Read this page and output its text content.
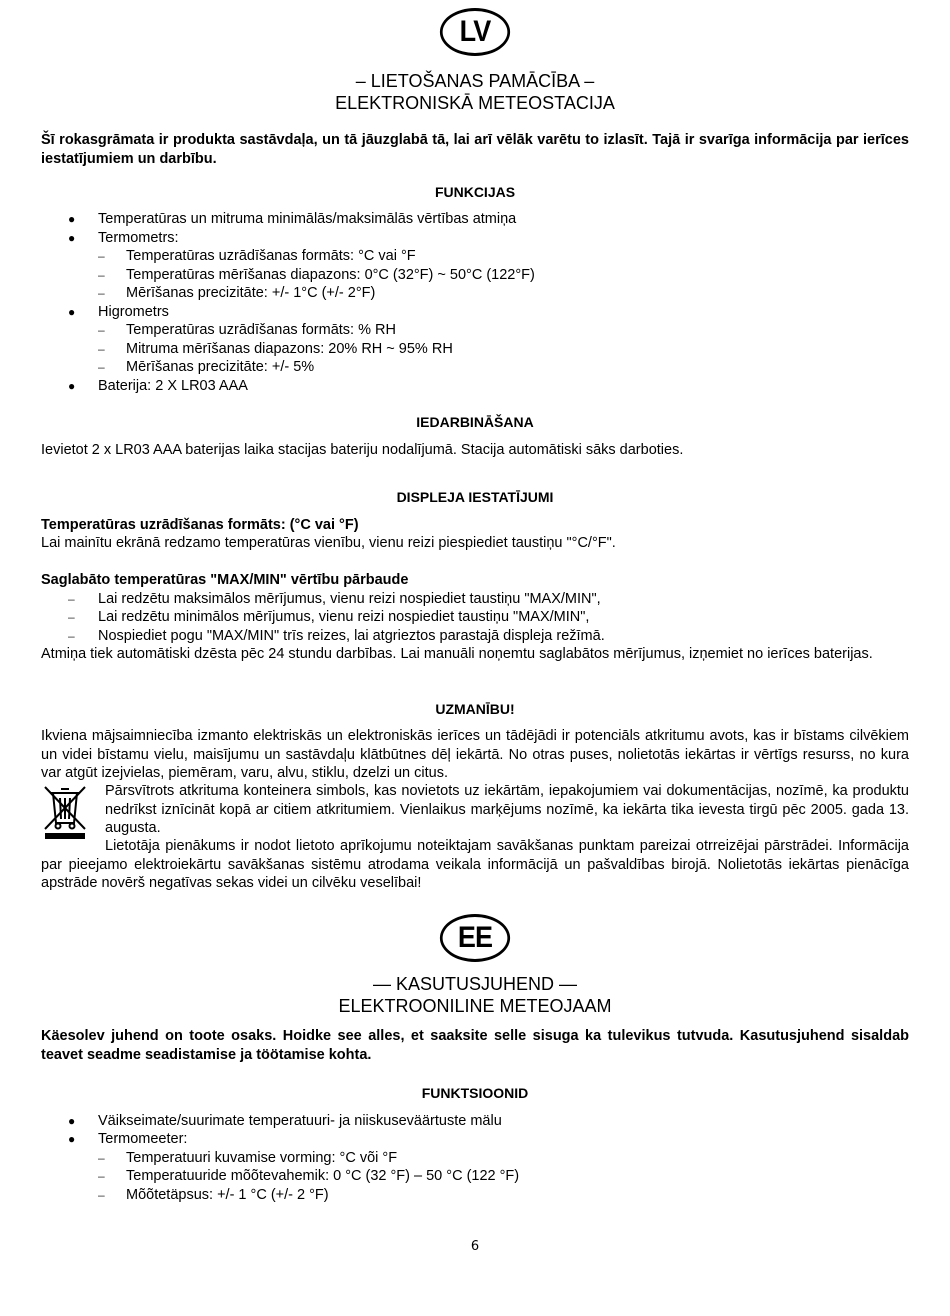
LV
– LIETOŠANAS PAMĀCĪBA –
ELEKTRONISKĀ METEOSTACIJA
Šī rokasgrāmata ir produkta sastāvdaļa, un tā jāuzglabā tā, lai arī vēlāk varētu to izlasīt. Tajā ir svarīga informācija par ierīces iestatījumiem un darbību.
FUNKCIJAS
● Temperatūras un mitruma minimālās/maksimālās vērtības atmiņa
● Termometrs:
– Temperatūras uzrādīšanas formāts: °C vai °F
– Temperatūras mērīšanas diapazons: 0°C (32°F) ~ 50°C (122°F)
– Mērīšanas precizitāte: +/- 1°C (+/- 2°F)
● Higrometrs
– Temperatūras uzrādīšanas formāts: % RH
– Mitruma mērīšanas diapazons: 20% RH ~ 95% RH
– Mērīšanas precizitāte: +/- 5%
● Baterija: 2 X LR03 AAA
IEDARBINĀŠANA
Ievietot 2 x LR03 AAA baterijas laika stacijas bateriju nodalījumā. Stacija automātiski sāks darboties.
DISPLEJA IESTATĪJUMI
Temperatūras uzrādīšanas formāts: (°C vai °F)
Lai mainītu ekrānā redzamo temperatūras vienību, vienu reizi piespiediet taustiņu "°C/°F".
Saglabāto temperatūras "MAX/MIN" vērtību pārbaude
– Lai redzētu maksimālos mērījumus, vienu reizi nospiediet taustiņu "MAX/MIN",
– Lai redzētu minimālos mērījumus, vienu reizi nospiediet taustiņu "MAX/MIN",
– Nospiediet pogu "MAX/MIN" trīs reizes, lai atgrieztos parastajā displeja režīmā.
Atmiņa tiek automātiski dzēsta pēc 24 stundu darbības. Lai manuāli noņemtu saglabātos mērījumus, izņemiet no ierīces baterijas.
UZMANĪBU!
Ikviena mājsaimniecība izmanto elektriskās un elektroniskās ierīces un tādējādi ir potenciāls atkritumu avots, kas ir bīstams cilvēkiem un videi bīstamu vielu, maisījumu un sastāvdaļu klātbūtnes dēļ iekārtā. No otras puses, nolietotās iekārtas ir vērtīgs resurss, no kura var atgūt izejvielas, piemēram, varu, alvu, stiklu, dzelzi un citus.
Pārsvītrots atkrituma konteinera simbols, kas novietots uz iekārtām, iepakojumiem vai dokumentācijas, nozīmē, ka produktu nedrīkst iznīcināt kopā ar citiem atkritumiem. Vienlaikus marķējums nozīmē, ka iekārta tika ievesta tirgū pēc 2005. gada 13. augusta.
Lietotāja pienākums ir nodot lietoto aprīkojumu noteiktajam savākšanas punktam pareizai otrreizējai pārstrādei. Informācija par pieejamo elektroiekārtu savākšanas sistēmu atrodama veikala informācijā un pašvaldības birojā. Nolietotās iekārtas pienācīga apstrāde novērš negatīvas sekas videi un cilvēku veselībai!
— KASUTUSJUHEND —
ELEKTROONILINE METEOJAAM
Käesolev juhend on toote osaks. Hoidke see alles, et saaksite selle sisuga ka tulevikus tutvuda. Kasutusjuhend sisaldab teavet seadme seadistamise ja töötamise kohta.
FUNKTSIOONID
● Väikseimate/suurimate temperatuuri- ja niiskuseväärtuste mälu
● Termomeeter:
– Temperatuuri kuvamise vorming: °C või °F
– Temperatuuride mõõtevahemik: 0 °C (32 °F) – 50 °C (122 °F)
– Mõõtetäpsus: +/- 1 °C (+/- 2 °F)
6
EE
